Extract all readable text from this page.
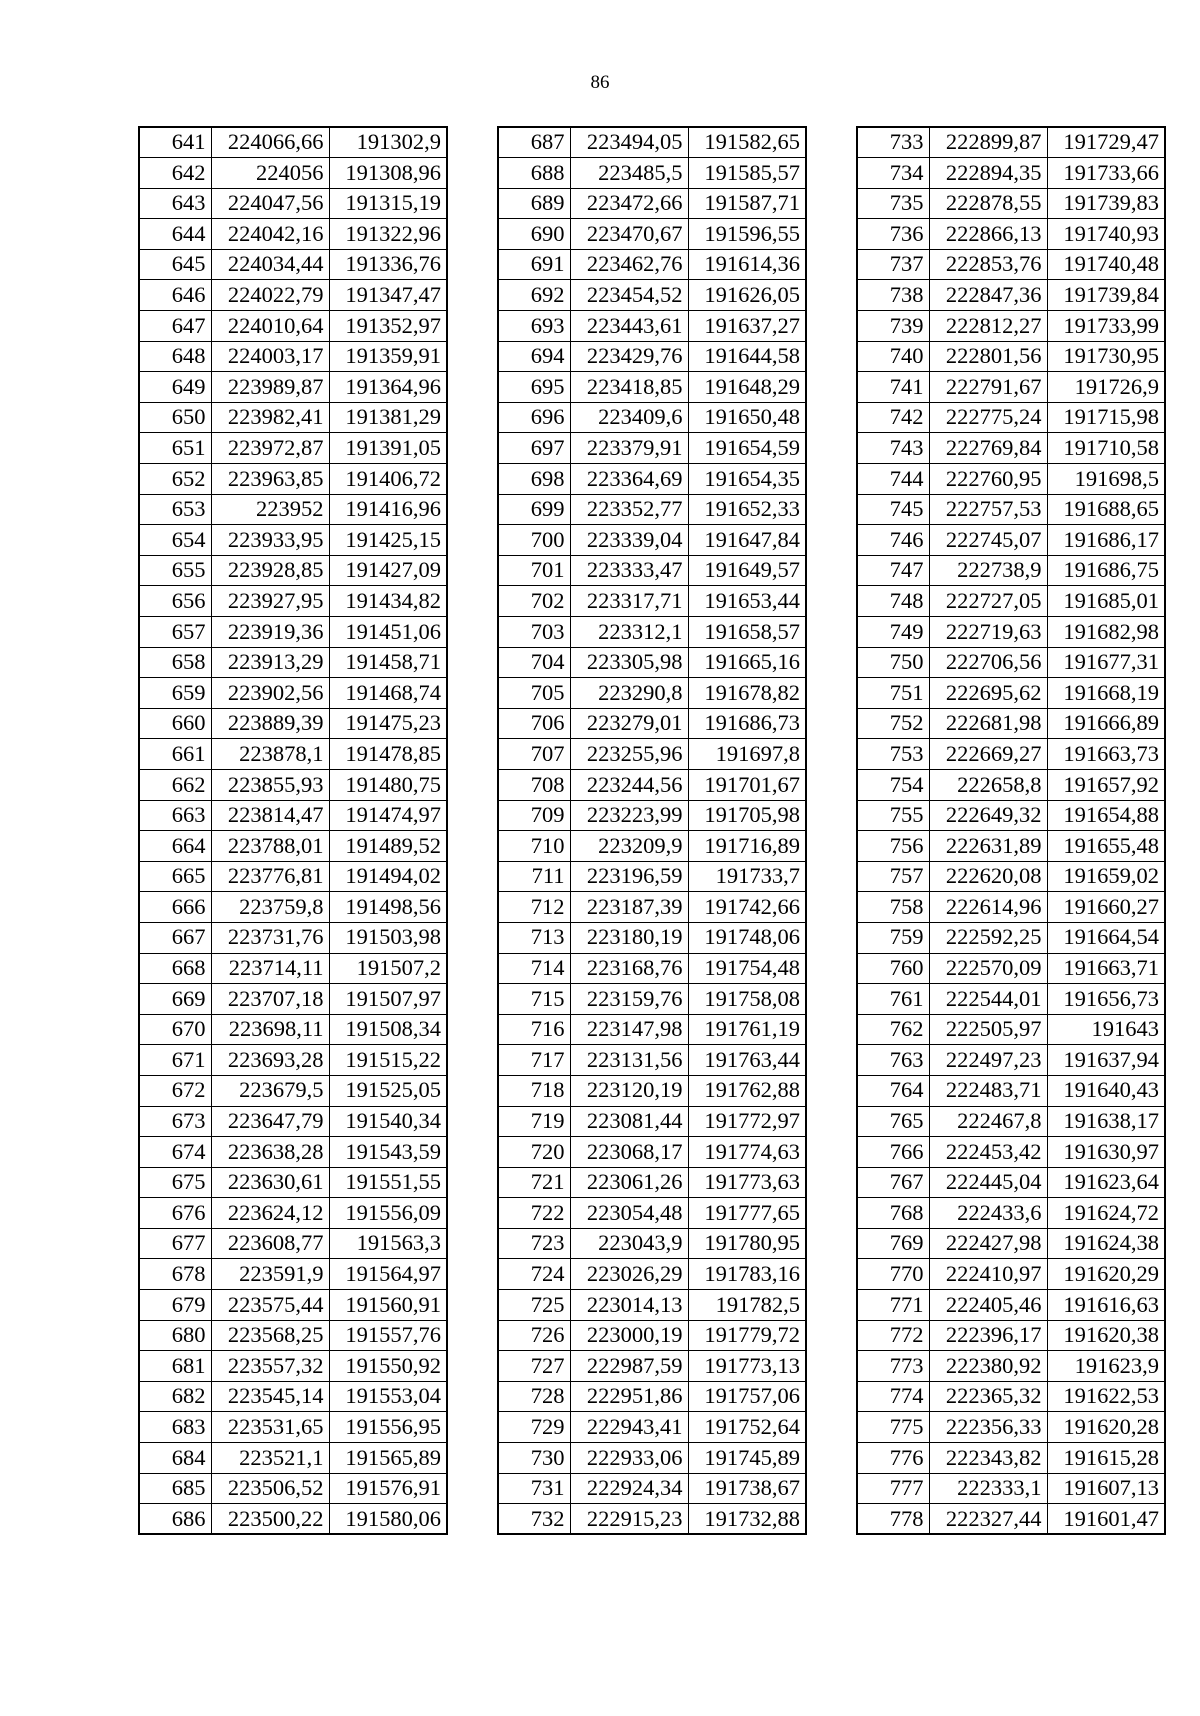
86
641	224066,66	191302,9
642	224056	191308,96
643	224047,56	191315,19
644	224042,16	191322,96
645	224034,44	191336,76
646	224022,79	191347,47
647	224010,64	191352,97
648	224003,17	191359,91
649	223989,87	191364,96
650	223982,41	191381,29
651	223972,87	191391,05
652	223963,85	191406,72
653	223952	191416,96
654	223933,95	191425,15
655	223928,85	191427,09
656	223927,95	191434,82
657	223919,36	191451,06
658	223913,29	191458,71
659	223902,56	191468,74
660	223889,39	191475,23
661	223878,1	191478,85
662	223855,93	191480,75
663	223814,47	191474,97
664	223788,01	191489,52
665	223776,81	191494,02
666	223759,8	191498,56
667	223731,76	191503,98
668	223714,11	191507,2
669	223707,18	191507,97
670	223698,11	191508,34
671	223693,28	191515,22
672	223679,5	191525,05
673	223647,79	191540,34
674	223638,28	191543,59
675	223630,61	191551,55
676	223624,12	191556,09
677	223608,77	191563,3
678	223591,9	191564,97
679	223575,44	191560,91
680	223568,25	191557,76
681	223557,32	191550,92
682	223545,14	191553,04
683	223531,65	191556,95
684	223521,1	191565,89
685	223506,52	191576,91
686	223500,22	191580,06
687	223494,05	191582,65
688	223485,5	191585,57
689	223472,66	191587,71
690	223470,67	191596,55
691	223462,76	191614,36
692	223454,52	191626,05
693	223443,61	191637,27
694	223429,76	191644,58
695	223418,85	191648,29
696	223409,6	191650,48
697	223379,91	191654,59
698	223364,69	191654,35
699	223352,77	191652,33
700	223339,04	191647,84
701	223333,47	191649,57
702	223317,71	191653,44
703	223312,1	191658,57
704	223305,98	191665,16
705	223290,8	191678,82
706	223279,01	191686,73
707	223255,96	191697,8
708	223244,56	191701,67
709	223223,99	191705,98
710	223209,9	191716,89
711	223196,59	191733,7
712	223187,39	191742,66
713	223180,19	191748,06
714	223168,76	191754,48
715	223159,76	191758,08
716	223147,98	191761,19
717	223131,56	191763,44
718	223120,19	191762,88
719	223081,44	191772,97
720	223068,17	191774,63
721	223061,26	191773,63
722	223054,48	191777,65
723	223043,9	191780,95
724	223026,29	191783,16
725	223014,13	191782,5
726	223000,19	191779,72
727	222987,59	191773,13
728	222951,86	191757,06
729	222943,41	191752,64
730	222933,06	191745,89
731	222924,34	191738,67
732	222915,23	191732,88
733	222899,87	191729,47
734	222894,35	191733,66
735	222878,55	191739,83
736	222866,13	191740,93
737	222853,76	191740,48
738	222847,36	191739,84
739	222812,27	191733,99
740	222801,56	191730,95
741	222791,67	191726,9
742	222775,24	191715,98
743	222769,84	191710,58
744	222760,95	191698,5
745	222757,53	191688,65
746	222745,07	191686,17
747	222738,9	191686,75
748	222727,05	191685,01
749	222719,63	191682,98
750	222706,56	191677,31
751	222695,62	191668,19
752	222681,98	191666,89
753	222669,27	191663,73
754	222658,8	191657,92
755	222649,32	191654,88
756	222631,89	191655,48
757	222620,08	191659,02
758	222614,96	191660,27
759	222592,25	191664,54
760	222570,09	191663,71
761	222544,01	191656,73
762	222505,97	191643
763	222497,23	191637,94
764	222483,71	191640,43
765	222467,8	191638,17
766	222453,42	191630,97
767	222445,04	191623,64
768	222433,6	191624,72
769	222427,98	191624,38
770	222410,97	191620,29
771	222405,46	191616,63
772	222396,17	191620,38
773	222380,92	191623,9
774	222365,32	191622,53
775	222356,33	191620,28
776	222343,82	191615,28
777	222333,1	191607,13
778	222327,44	191601,47
